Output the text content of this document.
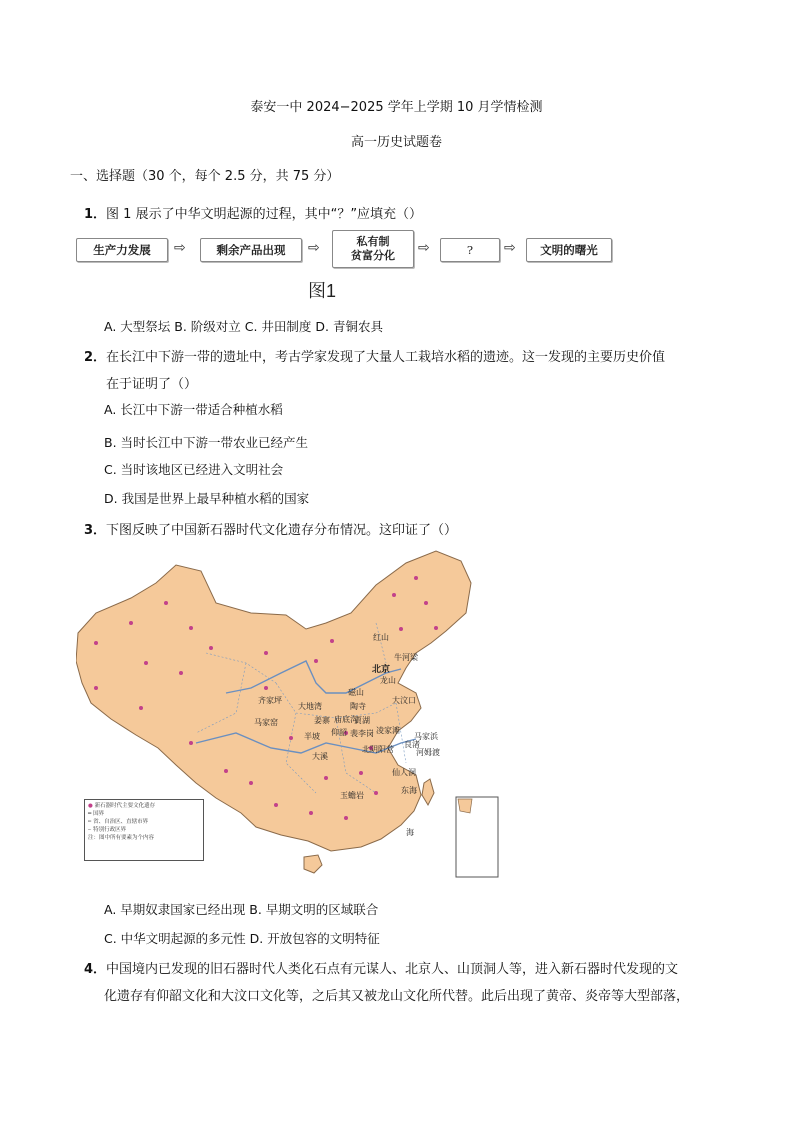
泰安一中 2024−2025 学年上学期 10 月学情检测
高一历史试题卷
一、选择题（30 个，每个 2.5 分，共 75 分）
1．图 1 展示了中华文明起源的过程，其中“？”应填充（）
生产力发展	⇨	剩余产品出现	⇨	私有制
贫富分化 ⇨	?	⇨	文明的曙光
图1
A. 大型祭坛 B. 阶级对立 C. 井田制度 D. 青铜农具
2．在长江中下游一带的遗址中，考古学家发现了大量人工栽培水稻的遗迹。这一发现的主要历史价值
在于证明了（）
A. 长江中下游一带适合种植水稻
B. 当时长江中下游一带农业已经产生
C. 当时该地区已经进入文明社会
D. 我国是世界上最早种植水稻的国家
3．下图反映了中国新石器时代文化遗存分布情况。这印证了（）
东海
海
红山
牛河梁
北京
齐家坪
大地湾
马家窑	姜寨
半坡
磁山
陶寺
龙山
大汶口
庙底沟
贾湖
仰韶 裴李岗
北阴阳营
马家浜
河姆渡
仙人洞
玉蟾岩
大溪
良渚
凌家滩
● 新石器时代主要文化遗存
━ 国界
┅ 省、自治区、直辖市界
┈ 特别行政区界
注：图中所有要素为个内容
A. 早期奴隶国家已经出现 B. 早期文明的区域联合
C. 中华文明起源的多元性 D. 开放包容的文明特征
4．中国境内已发现的旧石器时代人类化石点有元谋人、北京人、山顶洞人等，进入新石器时代发现的文
化遗存有仰韶文化和大汶口文化等，之后其又被龙山文化所代替。此后出现了黄帝、炎帝等大型部落，
